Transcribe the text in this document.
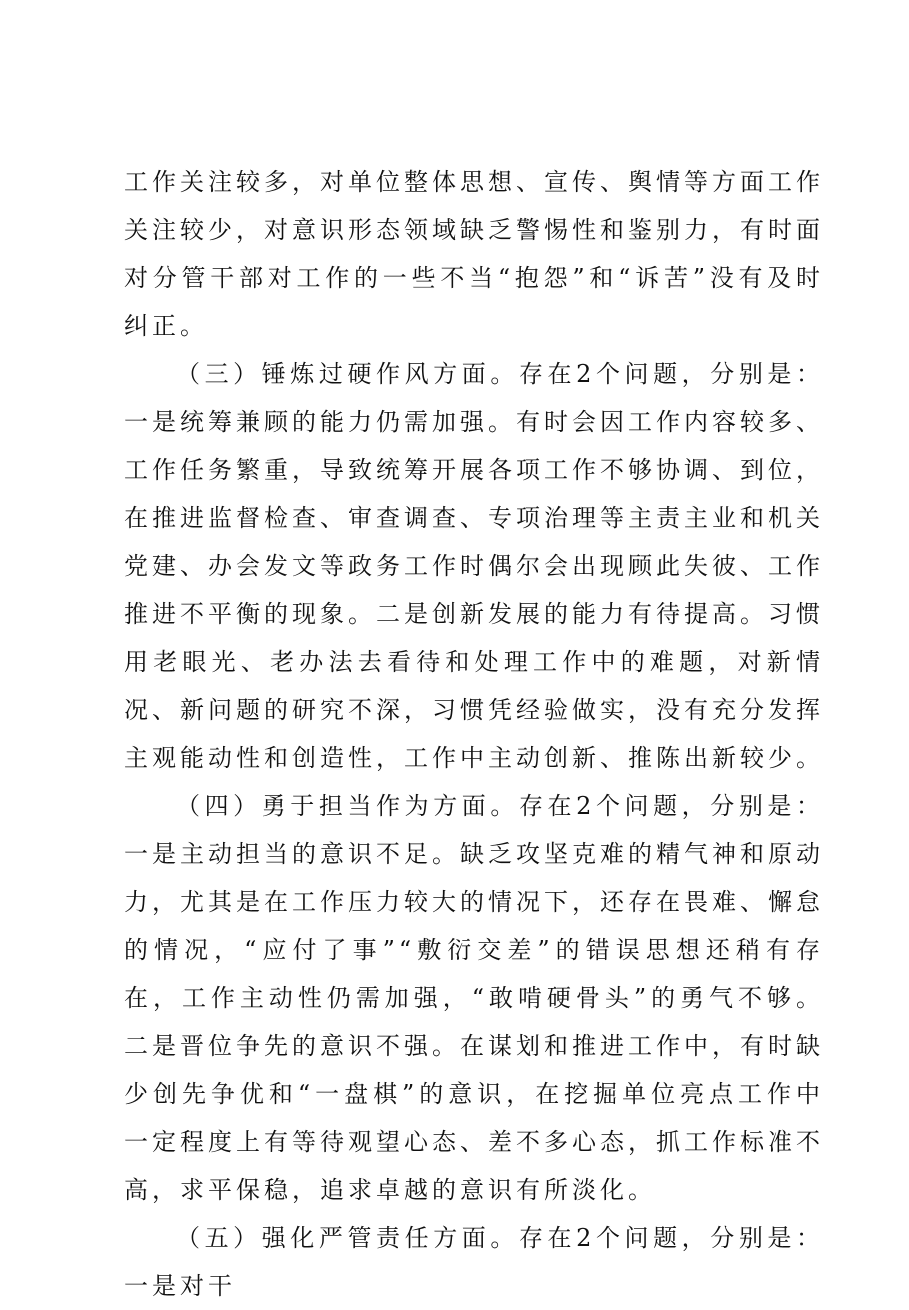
工作关注较多，对单位整体思想、宣传、舆情等方面工作关注较少，对意识形态领域缺乏警惕性和鉴别力，有时面对分管干部对工作的一些不当“抱怨”和“诉苦”没有及时纠正。

（三）锤炼过硬作风方面。存在2个问题，分别是：一是统筹兼顾的能力仍需加强。有时会因工作内容较多、工作任务繁重，导致统筹开展各项工作不够协调、到位，在推进监督检查、审查调查、专项治理等主责主业和机关党建、办会发文等政务工作时偶尔会出现顾此失彼、工作推进不平衡的现象。二是创新发展的能力有待提高。习惯用老眼光、老办法去看待和处理工作中的难题，对新情况、新问题的研究不深，习惯凭经验做实，没有充分发挥主观能动性和创造性，工作中主动创新、推陈出新较少。

（四）勇于担当作为方面。存在2个问题，分别是：一是主动担当的意识不足。缺乏攻坚克难的精气神和原动力，尤其是在工作压力较大的情况下，还存在畏难、懈怠的情况，“应付了事”“敷衍交差”的错误思想还稍有存在，工作主动性仍需加强，“敢啃硬骨头”的勇气不够。二是晋位争先的意识不强。在谋划和推进工作中，有时缺少创先争优和“一盘棋”的意识，在挖掘单位亮点工作中一定程度上有等待观望心态、差不多心态，抓工作标准不高，求平保稳，追求卓越的意识有所淡化。

（五）强化严管责任方面。存在2个问题，分别是：一是对干
